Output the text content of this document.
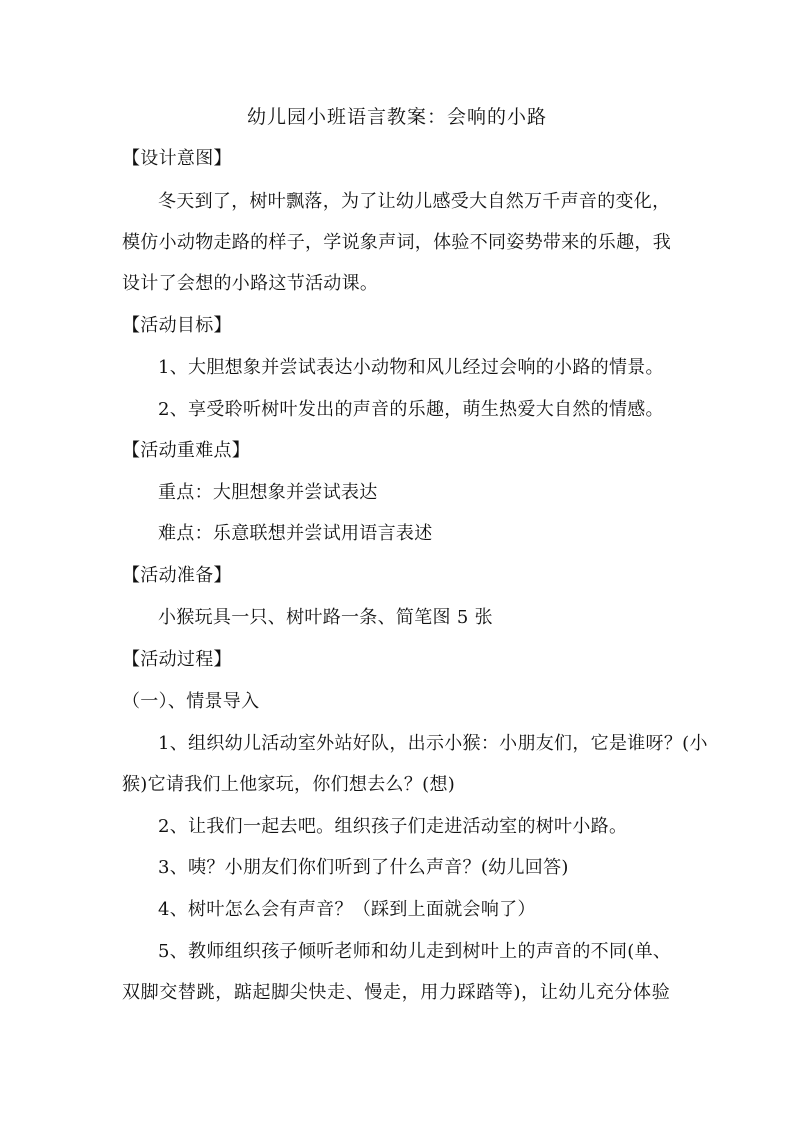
幼儿园小班语言教案：会响的小路
【设计意图】
冬天到了，树叶飘落，为了让幼儿感受大自然万千声音的变化，
模仿小动物走路的样子，学说象声词，体验不同姿势带来的乐趣，我
设计了会想的小路这节活动课。
【活动目标】
1、大胆想象并尝试表达小动物和风儿经过会响的小路的情景。
2、享受聆听树叶发出的声音的乐趣，萌生热爱大自然的情感。
【活动重难点】
重点：大胆想象并尝试表达
难点：乐意联想并尝试用语言表述
【活动准备】
小猴玩具一只、树叶路一条、简笔图 5 张
【活动过程】
（一）、情景导入
1、组织幼儿活动室外站好队，出示小猴：小朋友们，它是谁呀？(小
猴)它请我们上他家玩，你们想去么？(想)
2、让我们一起去吧。组织孩子们走进活动室的树叶小路。
3、咦？小朋友们你们听到了什么声音？(幼儿回答)
4、树叶怎么会有声音？（踩到上面就会响了）
5、教师组织孩子倾听老师和幼儿走到树叶上的声音的不同(单、
双脚交替跳，踮起脚尖快走、慢走，用力踩踏等)，让幼儿充分体验
